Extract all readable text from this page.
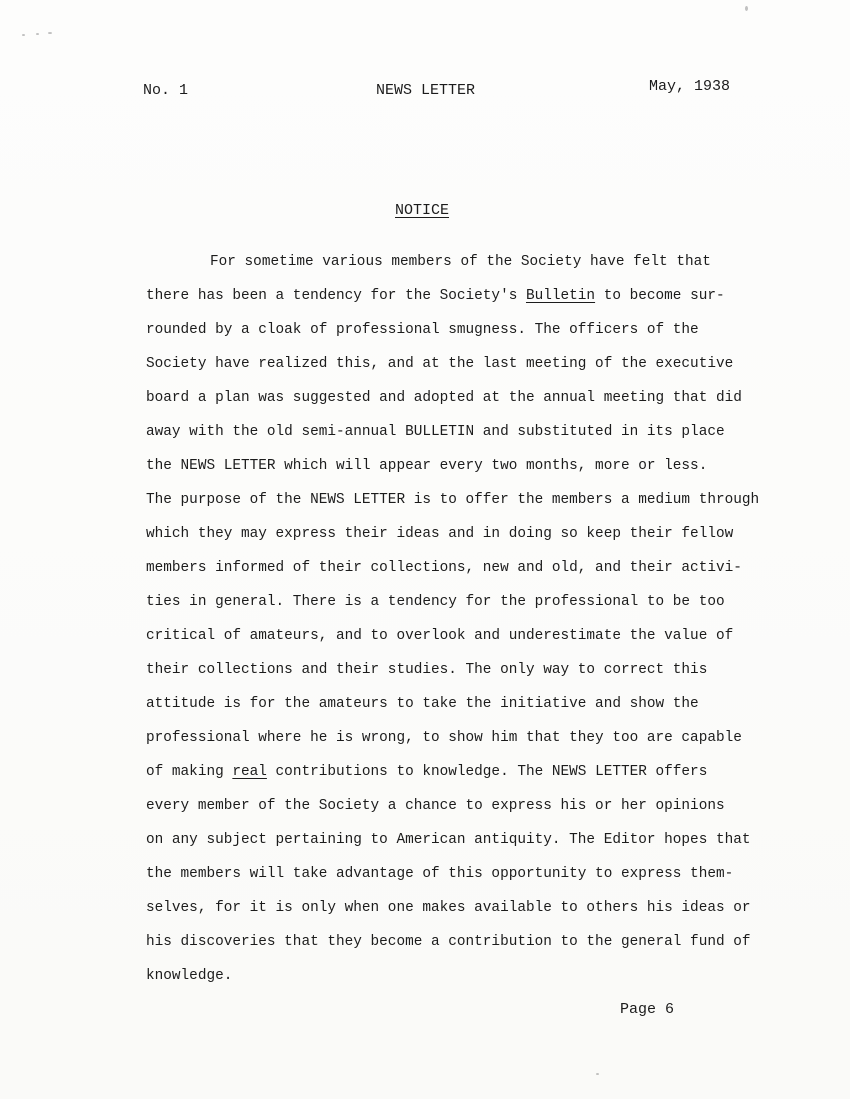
No. 1	NEWS LETTER	May, 1938
NOTICE
For sometime various members of the Society have felt that
there has been a tendency for the Society's Bulletin to become sur-
rounded by a cloak of professional smugness. The officers of the
Society have realized this, and at the last meeting of the executive
board a plan was suggested and adopted at the annual meeting that did
away with the old semi-annual BULLETIN and substituted in its place
the NEWS LETTER which will appear every two months, more or less.
The purpose of the NEWS LETTER is to offer the members a medium through
which they may express their ideas and in doing so keep their fellow
members informed of their collections, new and old, and their activi-
ties in general. There is a tendency for the professional to be too
critical of amateurs, and to overlook and underestimate the value of
their collections and their studies. The only way to correct this
attitude is for the amateurs to take the initiative and show the
professional where he is wrong, to show him that they too are capable
of making real contributions to knowledge. The NEWS LETTER offers
every member of the Society a chance to express his or her opinions
on any subject pertaining to American antiquity. The Editor hopes that
the members will take advantage of this opportunity to express them-
selves, for it is only when one makes available to others his ideas or
his discoveries that they become a contribution to the general fund of
knowledge.
Page 6
